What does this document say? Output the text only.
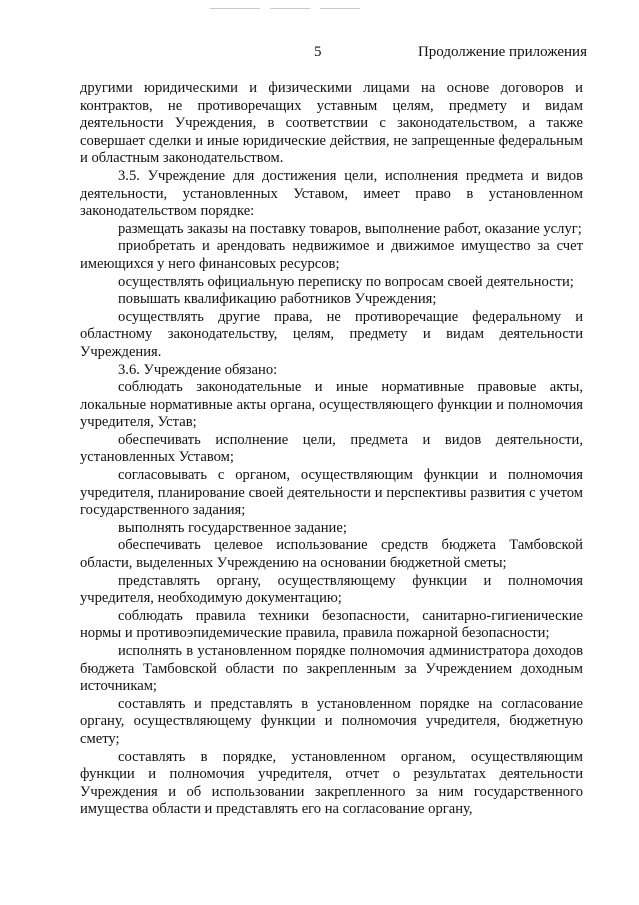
5	Продолжение приложения

другими юридическими и физическими лицами на основе договоров и контрактов, не противоречащих уставным целям, предмету и видам деятельности Учреждения, в соответствии с законодательством, а также совершает сделки и иные юридические действия, не запрещенные федеральным и областным законодательством.

3.5. Учреждение для достижения цели, исполнения предмета и видов деятельности, установленных Уставом, имеет право в установленном законодательством порядке:

размещать заказы на поставку товаров, выполнение работ, оказание услуг;

приобретать и арендовать недвижимое и движимое имущество за счет имеющихся у него финансовых ресурсов;

осуществлять официальную переписку по вопросам своей деятельности;

повышать квалификацию работников Учреждения;

осуществлять другие права, не противоречащие федеральному и областному законодательству, целям, предмету и видам деятельности Учреждения.

3.6. Учреждение обязано:

соблюдать законодательные и иные нормативные правовые акты, локальные нормативные акты органа, осуществляющего функции и полномочия учредителя, Устав;

обеспечивать исполнение цели, предмета и видов деятельности, установленных Уставом;

согласовывать с органом, осуществляющим функции и полномочия учредителя, планирование своей деятельности и перспективы развития с учетом государственного задания;

выполнять государственное задание;

обеспечивать целевое использование средств бюджета Тамбовской области, выделенных Учреждению на основании бюджетной сметы;

представлять органу, осуществляющему функции и полномочия учредителя, необходимую документацию;

соблюдать правила техники безопасности, санитарно-гигиенические нормы и противоэпидемические правила, правила пожарной безопасности;

исполнять в установленном порядке полномочия администратора доходов бюджета Тамбовской области по закрепленным за Учреждением доходным источникам;

составлять и представлять в установленном порядке на согласование органу, осуществляющему функции и полномочия учредителя, бюджетную смету;

составлять в порядке, установленном органом, осуществляющим функции и полномочия учредителя, отчет о результатах деятельности Учреждения и об использовании закрепленного за ним государственного имущества области и представлять его на согласование органу,
